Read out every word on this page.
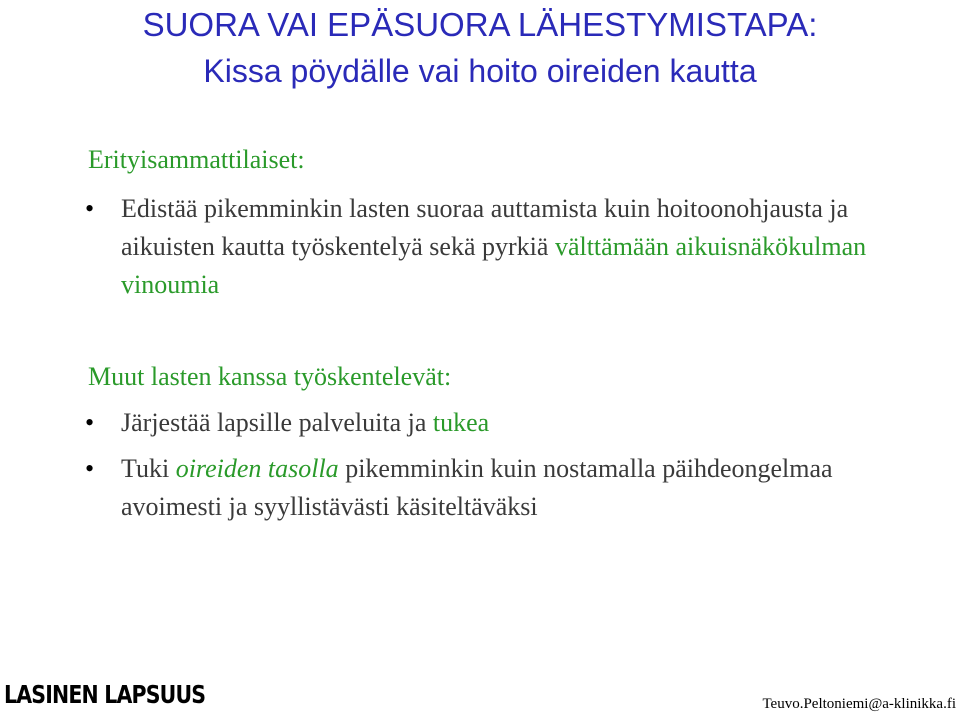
SUORA VAI EPÄSUORA LÄHESTYMISTAPA:
Kissa pöydälle vai hoito oireiden kautta
Erityisammattilaiset:
• Edistää pikemminkin lasten suoraa auttamista kuin hoitoonohjausta ja aikuisten kautta työskentelyä sekä pyrkiä välttämään aikuisnäkökulman vinoumia
Muut lasten kanssa työskentelevät:
• Järjestää lapsille palveluita ja tukea
• Tuki oireiden tasolla pikemminkin kuin nostamalla päihdeongelmaa avoimesti ja syyllistävästi käsiteltäväksi
LASINEN LAPSUUS	Teuvo.Peltoniemi@a-klinikka.fi
